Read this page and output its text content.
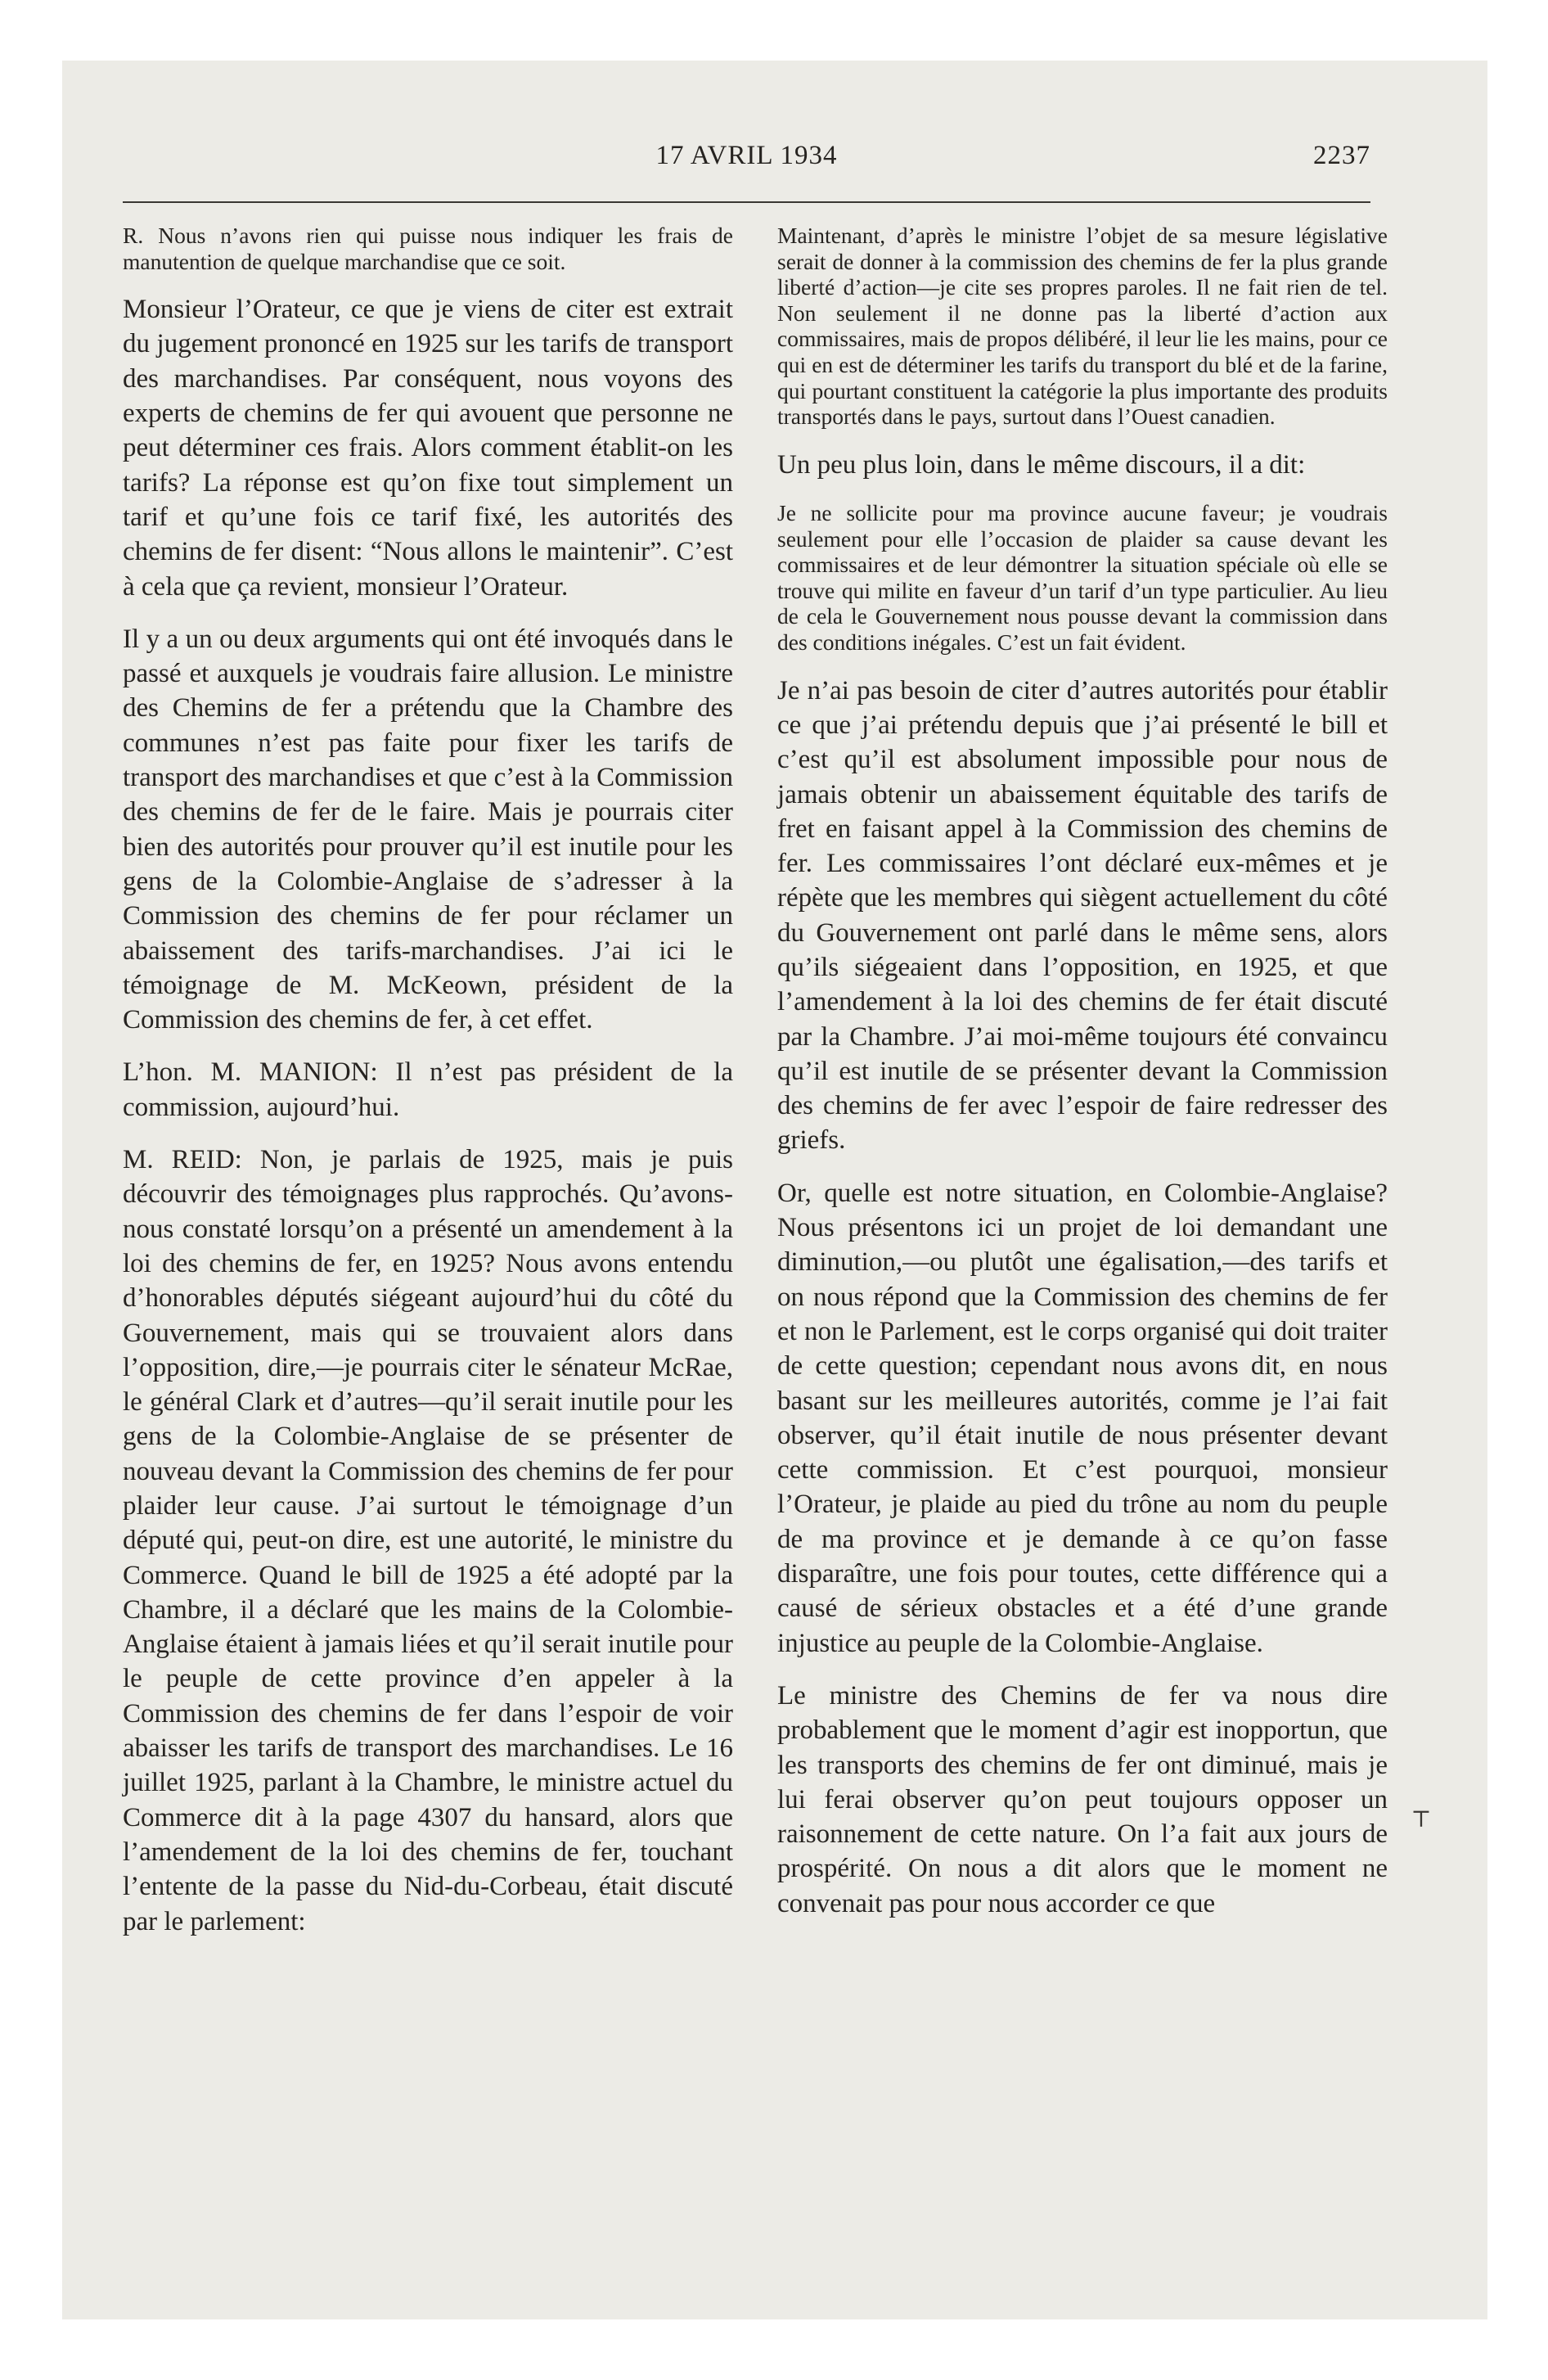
17 AVRIL 1934	2237

R. Nous n’avons rien qui puisse nous indiquer les frais de manutention de quelque marchandise que ce soit.

Monsieur l’Orateur, ce que je viens de citer est extrait du jugement prononcé en 1925 sur les tarifs de transport des marchandises. Par conséquent, nous voyons des experts de chemins de fer qui avouent que personne ne peut déterminer ces frais. Alors comment établit-on les tarifs? La réponse est qu’on fixe tout simplement un tarif et qu’une fois ce tarif fixé, les autorités des chemins de fer disent: “Nous allons le maintenir”. C’est à cela que ça revient, monsieur l’Orateur.

Il y a un ou deux arguments qui ont été invoqués dans le passé et auxquels je voudrais faire allusion. Le ministre des Chemins de fer a prétendu que la Chambre des communes n’est pas faite pour fixer les tarifs de transport des marchandises et que c’est à la Commission des chemins de fer de le faire. Mais je pourrais citer bien des autorités pour prouver qu’il est inutile pour les gens de la Colombie-Anglaise de s’adresser à la Commission des chemins de fer pour réclamer un abaissement des tarifs-marchandises. J’ai ici le témoignage de M. McKeown, président de la Commission des chemins de fer, à cet effet.

L’hon. M. MANION: Il n’est pas président de la commission, aujourd’hui.

M. REID: Non, je parlais de 1925, mais je puis découvrir des témoignages plus rapprochés. Qu’avons-nous constaté lorsqu’on a présenté un amendement à la loi des chemins de fer, en 1925? Nous avons entendu d’honorables députés siégeant aujourd’hui du côté du Gouvernement, mais qui se trouvaient alors dans l’opposition, dire,—je pourrais citer le sénateur McRae, le général Clark et d’autres—qu’il serait inutile pour les gens de la Colombie-Anglaise de se présenter de nouveau devant la Commission des chemins de fer pour plaider leur cause. J’ai surtout le témoignage d’un député qui, peut-on dire, est une autorité, le ministre du Commerce. Quand le bill de 1925 a été adopté par la Chambre, il a déclaré que les mains de la Colombie-Anglaise étaient à jamais liées et qu’il serait inutile pour le peuple de cette province d’en appeler à la Commission des chemins de fer dans l’espoir de voir abaisser les tarifs de transport des marchandises. Le 16 juillet 1925, parlant à la Chambre, le ministre actuel du Commerce dit à la page 4307 du hansard, alors que l’amendement de la loi des chemins de fer, touchant l’entente de la passe du Nid-du-Corbeau, était discuté par le parlement:

Maintenant, d’après le ministre l’objet de sa mesure législative serait de donner à la commission des chemins de fer la plus grande liberté d’action—je cite ses propres paroles. Il ne fait rien de tel. Non seulement il ne donne pas la liberté d’action aux commissaires, mais de propos délibéré, il leur lie les mains, pour ce qui en est de déterminer les tarifs du transport du blé et de la farine, qui pourtant constituent la catégorie la plus importante des produits transportés dans le pays, surtout dans l’Ouest canadien.

Un peu plus loin, dans le même discours, il a dit:

Je ne sollicite pour ma province aucune faveur; je voudrais seulement pour elle l’occasion de plaider sa cause devant les commissaires et de leur démontrer la situation spéciale où elle se trouve qui milite en faveur d’un tarif d’un type particulier. Au lieu de cela le Gouvernement nous pousse devant la commission dans des conditions inégales. C’est un fait évident.

Je n’ai pas besoin de citer d’autres autorités pour établir ce que j’ai prétendu depuis que j’ai présenté le bill et c’est qu’il est absolument impossible pour nous de jamais obtenir un abaissement équitable des tarifs de fret en faisant appel à la Commission des chemins de fer. Les commissaires l’ont déclaré eux-mêmes et je répète que les membres qui siègent actuellement du côté du Gouvernement ont parlé dans le même sens, alors qu’ils siégeaient dans l’opposition, en 1925, et que l’amendement à la loi des chemins de fer était discuté par la Chambre. J’ai moi-même toujours été convaincu qu’il est inutile de se présenter devant la Commission des chemins de fer avec l’espoir de faire redresser des griefs.

Or, quelle est notre situation, en Colombie-Anglaise? Nous présentons ici un projet de loi demandant une diminution,—ou plutôt une égalisation,—des tarifs et on nous répond que la Commission des chemins de fer et non le Parlement, est le corps organisé qui doit traiter de cette question; cependant nous avons dit, en nous basant sur les meilleures autorités, comme je l’ai fait observer, qu’il était inutile de nous présenter devant cette commission. Et c’est pourquoi, monsieur l’Orateur, je plaide au pied du trône au nom du peuple de ma province et je demande à ce qu’on fasse disparaître, une fois pour toutes, cette différence qui a causé de sérieux obstacles et a été d’une grande injustice au peuple de la Colombie-Anglaise.

Le ministre des Chemins de fer va nous dire probablement que le moment d’agir est inopportun, que les transports des chemins de fer ont diminué, mais je lui ferai observer qu’on peut toujours opposer un raisonnement de cette nature. On l’a fait aux jours de prospérité. On nous a dit alors que le moment ne convenait pas pour nous accorder ce que

⸆
